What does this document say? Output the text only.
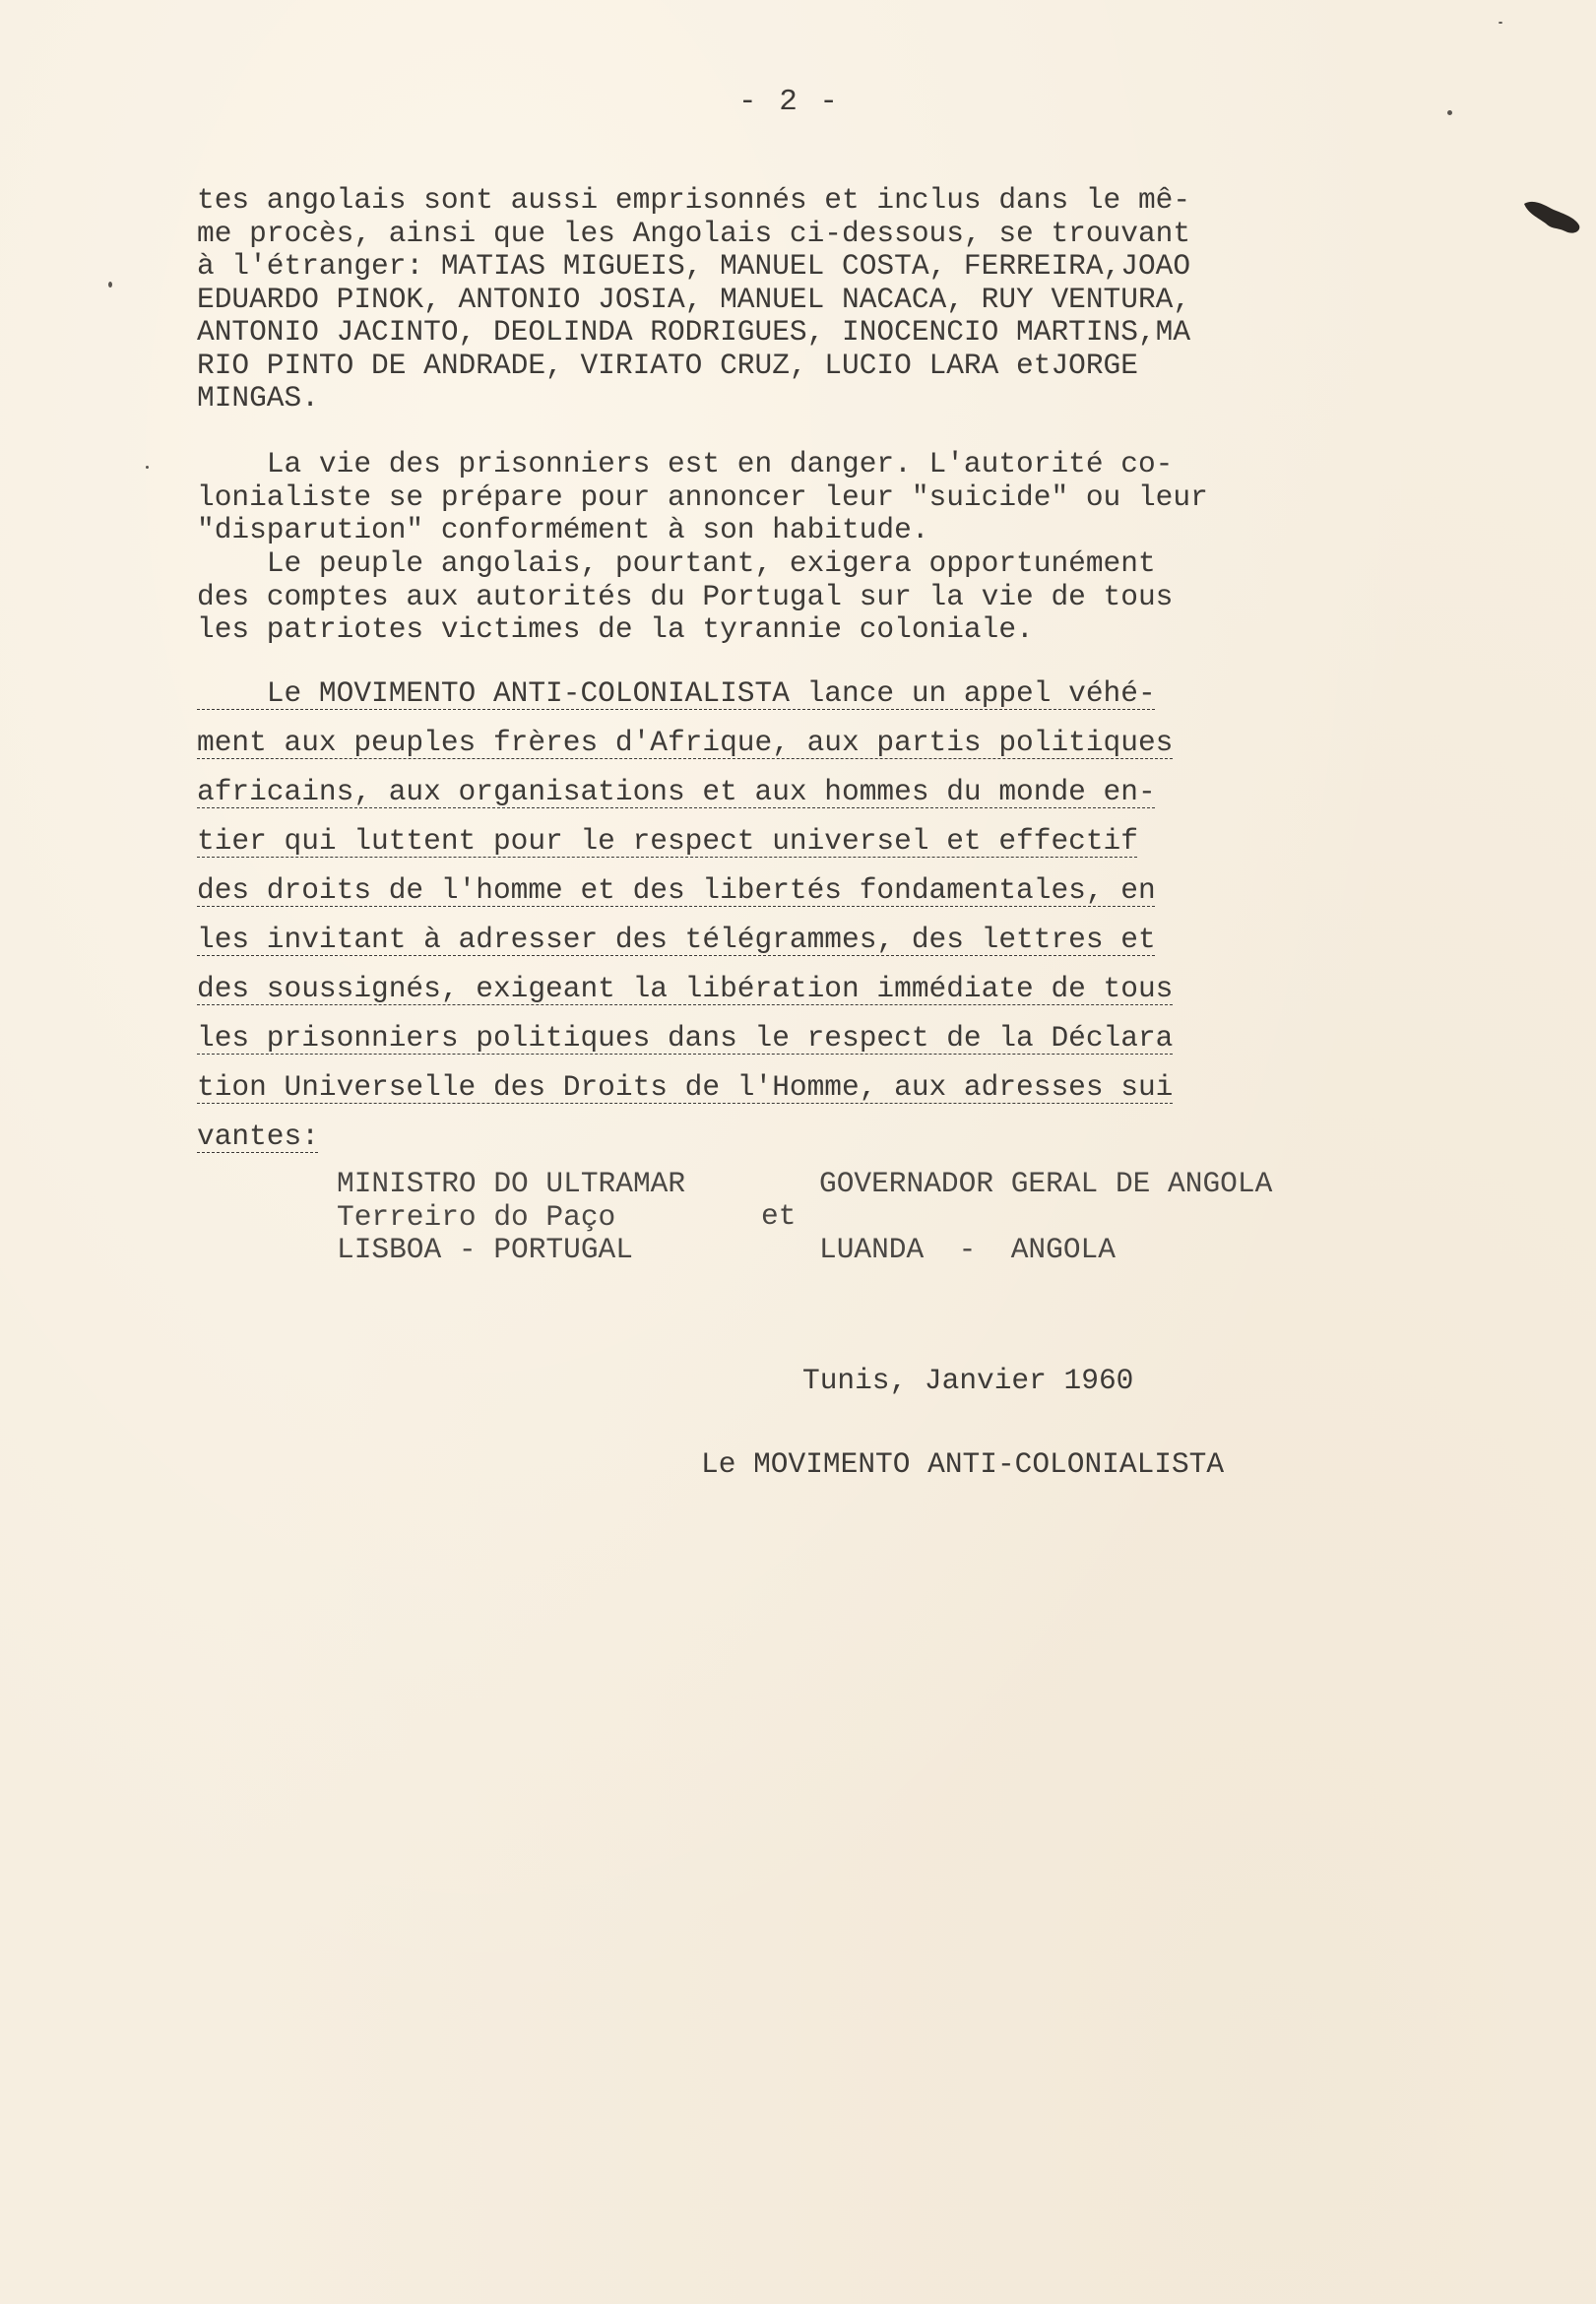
- 2 -

tes angolais sont aussi emprisonnés et inclus dans le mê-
me procès, ainsi que les Angolais ci-dessous, se trouvant
à l'étranger: MATIAS MIGUEIS, MANUEL COSTA, FERREIRA,JOAO
EDUARDO PINOK, ANTONIO JOSIA, MANUEL NACACA, RUY VENTURA,
ANTONIO JACINTO, DEOLINDA RODRIGUES, INOCENCIO MARTINS,MA
RIO PINTO DE ANDRADE, VIRIATO CRUZ, LUCIO LARA etJORGE
MINGAS.

La vie des prisonniers est en danger. L'autorité co-
lonialiste se prépare pour annoncer leur "suicide" ou leur
"disparution" conformément à son habitude.

Le peuple angolais, pourtant, exigera opportunément
des comptes aux autorités du Portugal sur la vie de tous
les patriotes victimes de la tyrannie coloniale.

Le MOVIMENTO ANTI-COLONIALISTA lance un appel véhé-
ment aux peuples frères d'Afrique, aux partis politiques
africains, aux organisations et aux hommes du monde en-
tier qui luttent pour le respect universel et effectif
des droits de l'homme et des libertés fondamentales, en
les invitant à adresser des télégrammes, des lettres et
des soussignés, exigeant la libération immédiate de tous
les prisonniers politiques dans le respect de la Déclara
tion Universelle des Droits de l'Homme, aux adresses sui
vantes:
MINISTRO DO ULTRAMAR
Terreiro do Paço
LISBOA - PORTUGAL
et
GOVERNADOR GERAL DE ANGOLA

LUANDA  -  ANGOLA
Tunis, Janvier 1960
Le MOVIMENTO ANTI-COLONIALISTA
